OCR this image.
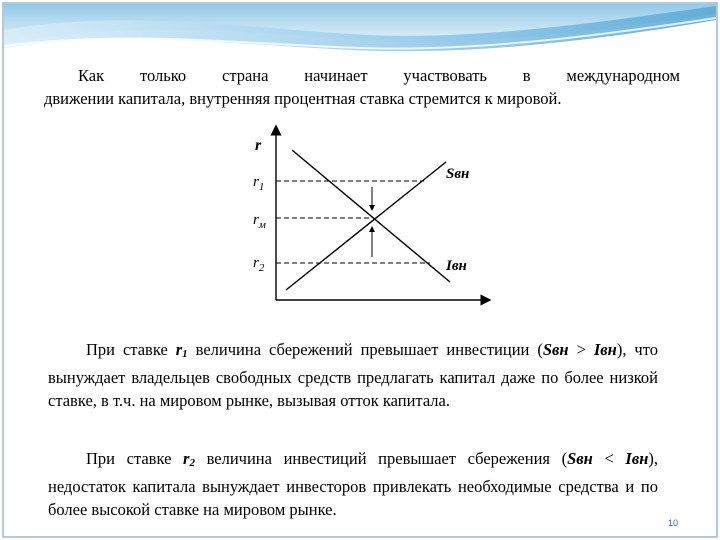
Как только страна начинает участвовать в международном
движении капитала, внутренняя процентная ставка стремится к мировой.
r
$r_1$
$r_м$
$r_2$
Sвн
Iвн
При ставке $r_1$ величина сбережений превышает инвестиции (Sвн > Iвн), что вынуждает владельцев свободных средств предлагать капитал даже по более низкой ставке, в т.ч. на мировом рынке, вызывая отток капитала.
При ставке $r_2$ величина инвестиций превышает сбережения (Sвн < Iвн), недостаток капитала вынуждает инвесторов привлекать необходимые средства и по более высокой ставке на мировом рынке.
10
